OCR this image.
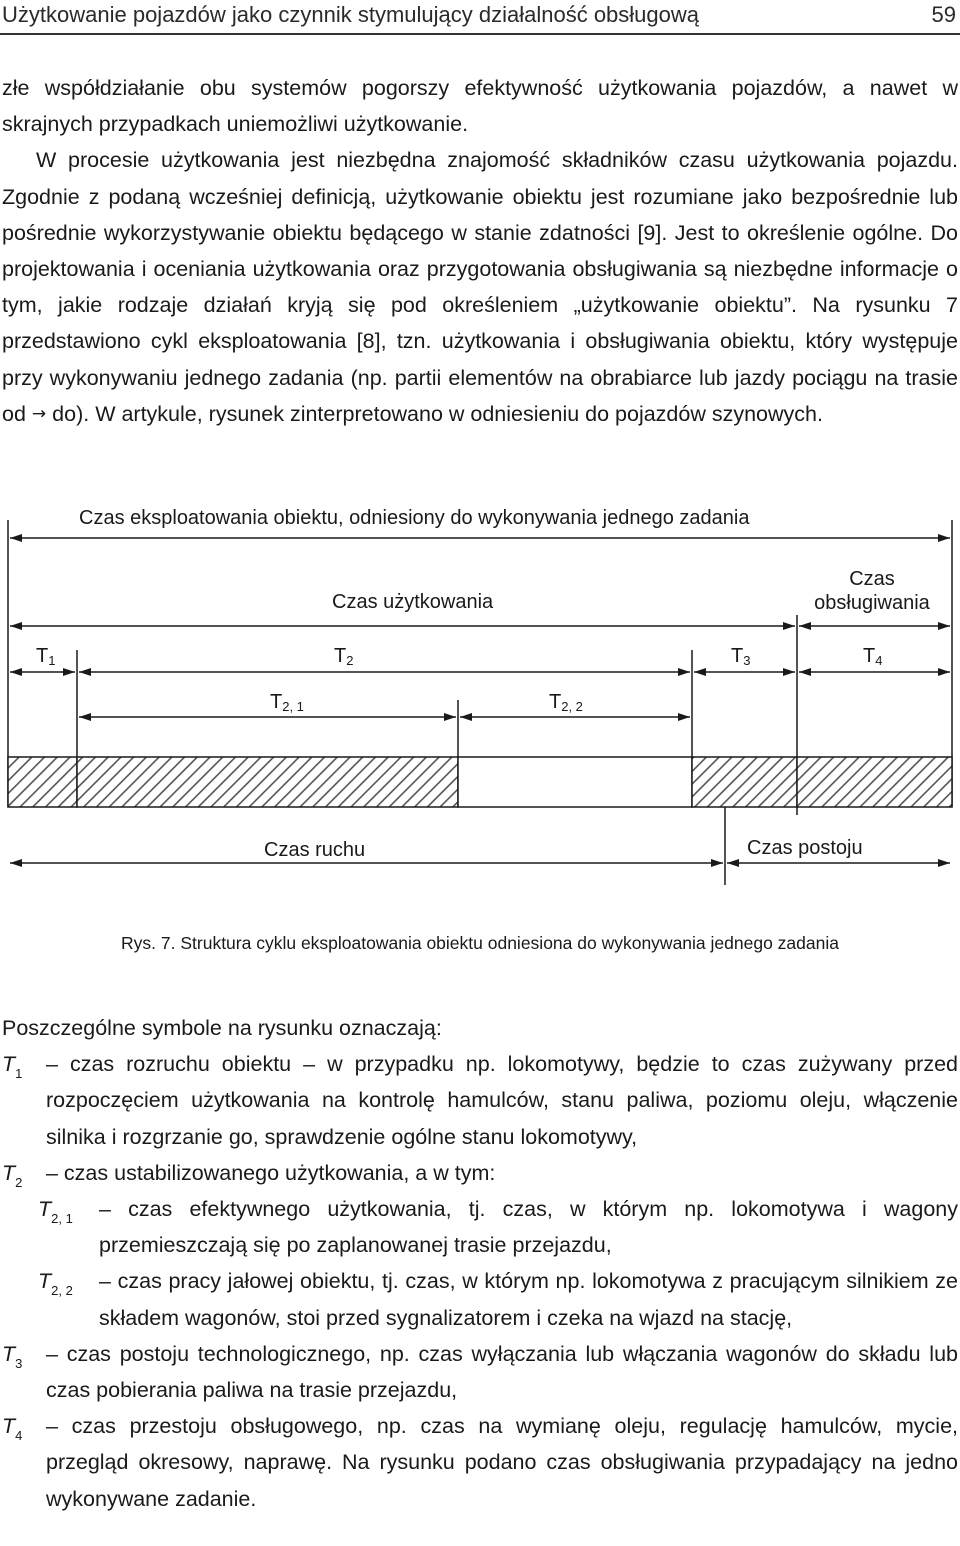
Użytkowanie pojazdów jako czynnik stymulujący działalność obsługową	59

złe współdziałanie obu systemów pogorszy efektywność użytkowania pojazdów, a nawet w skrajnych przypadkach uniemożliwi użytkowanie.

W procesie użytkowania jest niezbędna znajomość składników czasu użytkowania pojazdu. Zgodnie z podaną wcześniej definicją, użytkowanie obiektu jest rozumiane jako bezpośrednie lub pośrednie wykorzystywanie obiektu będącego w stanie zdatności [9]. Jest to określenie ogólne. Do projektowania i oceniania użytkowania oraz przygotowania obsługiwania są niezbędne informacje o tym, jakie rodzaje działań kryją się pod określeniem „użytkowanie obiektu”. Na rysunku 7 przedstawiono cykl eksploatowania [8], tzn. użytkowania i obsługiwania obiektu, który występuje przy wykonywaniu jednego zadania (np. partii elementów na obrabiarce lub jazdy pociągu na trasie od → do). W artykule, rysunek zinterpretowano w odniesieniu do pojazdów szynowych.

Czas eksploatowania obiektu, odniesiony do wykonywania jednego zadania
Czas użytkowania
Czas
obsługiwania
$T_1$	$T_2$	$T_3$	$T_4$
$T_{2, 1}$	$T_{2, 2}$
Czas ruchu	Czas postoju
Rys. 7. Struktura cyklu eksploatowania obiektu odniesiona do wykonywania jednego zadania

Poszczególne symbole na rysunku oznaczają:

$T_1$	– czas rozruchu obiektu – w przypadku np. lokomotywy, będzie to czas zużywany przed rozpoczęciem użytkowania na kontrolę hamulców, stanu paliwa, poziomu oleju, włączenie silnika i rozgrzanie go, sprawdzenie ogólne stanu lokomotywy,

$T_2$	– czas ustabilizowanego użytkowania, a w tym:

$T_{2, 1}$	– czas efektywnego użytkowania, tj. czas, w którym np. lokomotywa i wagony przemieszczają się po zaplanowanej trasie przejazdu,

$T_{2, 2}$	– czas pracy jałowej obiektu, tj. czas, w którym np. lokomotywa z pracującym silnikiem ze składem wagonów, stoi przed sygnalizatorem i czeka na wjazd na stację,

$T_3$	– czas postoju technologicznego, np. czas wyłączania lub włączania wagonów do składu lub czas pobierania paliwa na trasie przejazdu,

$T_4$	– czas przestoju obsługowego, np. czas na wymianę oleju, regulację hamulców, mycie, przegląd okresowy, naprawę. Na rysunku podano czas obsługiwania przypadający na jedno wykonywane zadanie.
